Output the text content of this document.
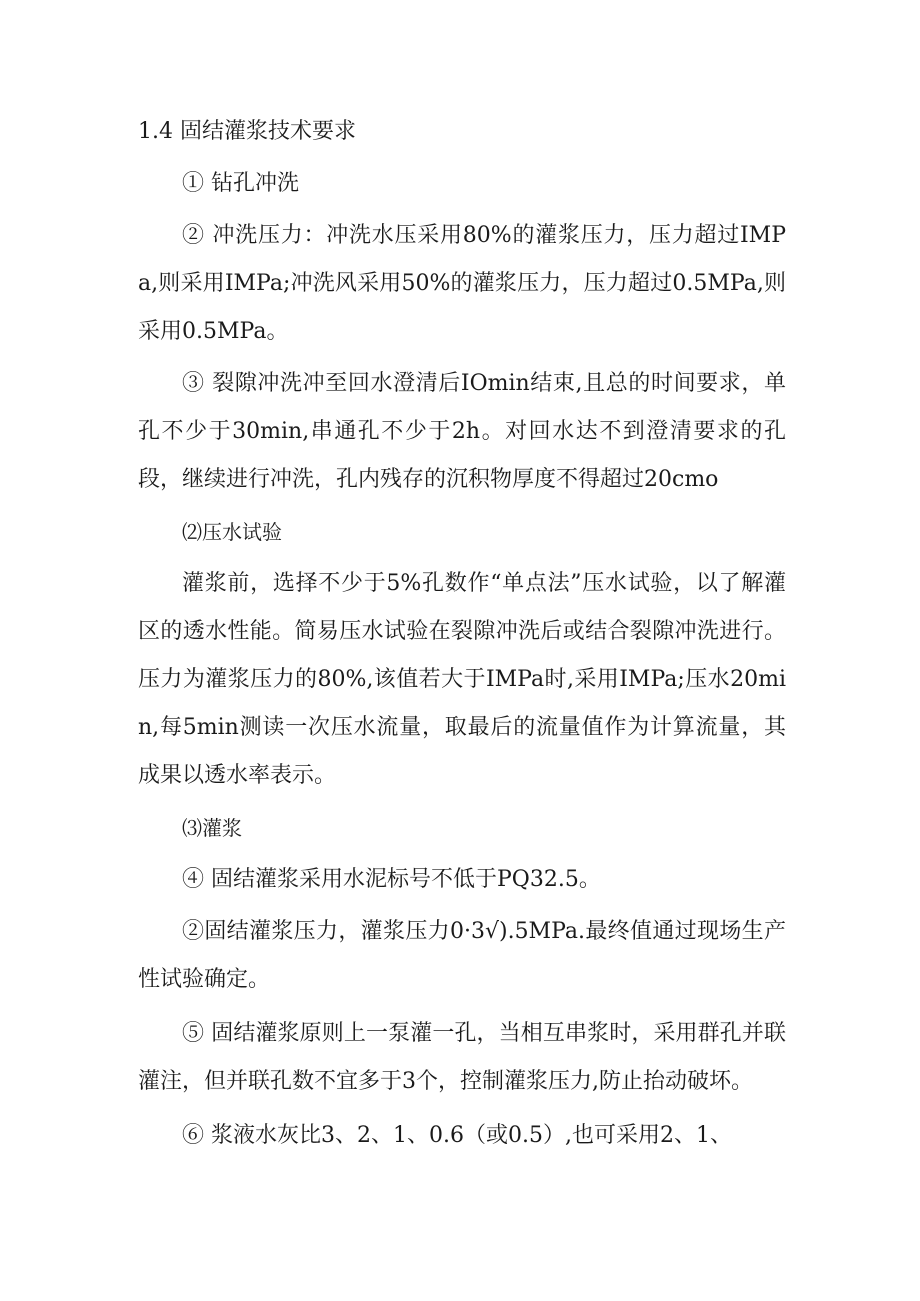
1.4 固结灌浆技术要求

① 钻孔冲洗

② 冲洗压力：冲洗水压采用80%的灌浆压力，压力超过IMPa,则采用IMPa;冲洗风采用50%的灌浆压力，压力超过0.5MPa,则采用0.5MPa。

③ 裂隙冲洗冲至回水澄清后IOmin结束,且总的时间要求，单孔不少于30min,串通孔不少于2h。对回水达不到澄清要求的孔段，继续进行冲洗，孔内残存的沉积物厚度不得超过20cmo

⑵压水试验

灌浆前，选择不少于5%孔数作“单点法”压水试验，以了解灌区的透水性能。简易压水试验在裂隙冲洗后或结合裂隙冲洗进行。压力为灌浆压力的80%,该值若大于IMPa时,采用IMPa;压水20min,每5min测读一次压水流量，取最后的流量值作为计算流量，其成果以透水率表示。

⑶灌浆

④ 固结灌浆采用水泥标号不低于PQ32.5。

②固结灌浆压力，灌浆压力0·3√).5MPa.最终值通过现场生产性试验确定。

⑤ 固结灌浆原则上一泵灌一孔，当相互串浆时，采用群孔并联灌注，但并联孔数不宜多于3个，控制灌浆压力,防止抬动破坏。

⑥ 浆液水灰比3、2、1、0.6（或0.5）,也可采用2、1、
